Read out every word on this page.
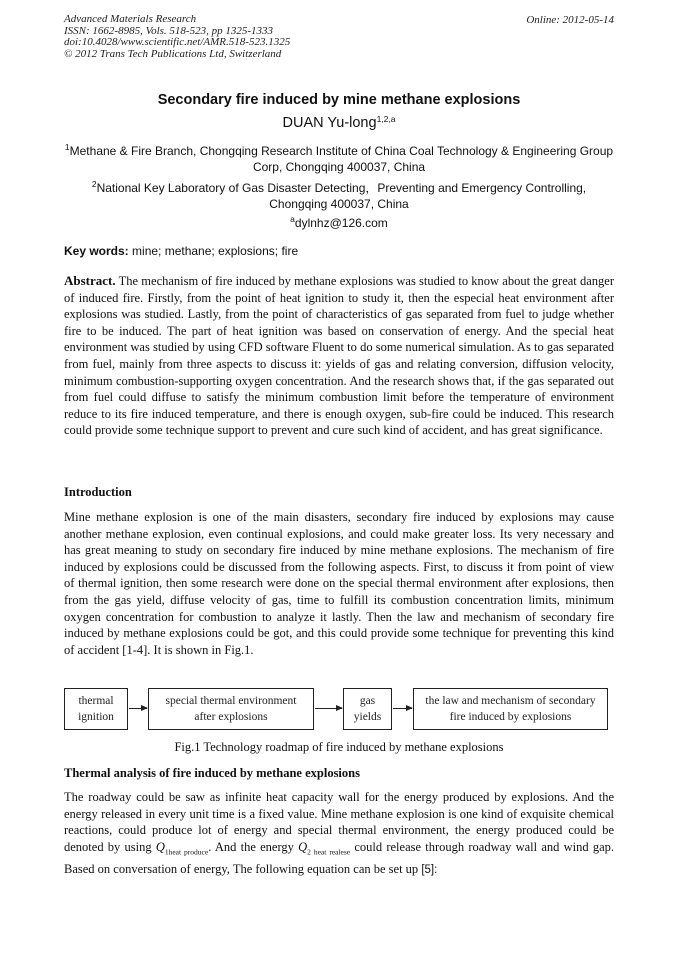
Advanced Materials Research
ISSN: 1662-8985, Vols. 518-523, pp 1325-1333
doi:10.4028/www.scientific.net/AMR.518-523.1325
© 2012 Trans Tech Publications Ltd, Switzerland
Online: 2012-05-14
Secondary fire induced by mine methane explosions
DUAN Yu-long$^{1,2,a}$
$^1$Methane & Fire Branch, Chongqing Research Institute of China Coal Technology & Engineering Group Corp, Chongqing 400037, China
$^2$National Key Laboratory of Gas Disaster Detecting，Preventing and Emergency Controlling, Chongqing 400037, China
$^a$dylnhz@126.com
Key words: mine; methane; explosions; fire
Abstract. The mechanism of fire induced by methane explosions was studied to know about the great danger of induced fire. Firstly, from the point of heat ignition to study it, then the especial heat environment after explosions was studied. Lastly, from the point of characteristics of gas separated from fuel to judge whether fire to be induced. The part of heat ignition was based on conservation of energy. And the special heat environment was studied by using CFD software Fluent to do some numerical simulation. As to gas separated from fuel, mainly from three aspects to discuss it: yields of gas and relating conversion, diffusion velocity, minimum combustion-supporting oxygen concentration. And the research shows that, if the gas separated out from fuel could diffuse to satisfy the minimum combustion limit before the temperature of environment reduce to its fire induced temperature, and there is enough oxygen, sub-fire could be induced. This research could provide some technique support to prevent and cure such kind of accident, and has great significance.
Introduction
Mine methane explosion is one of the main disasters, secondary fire induced by explosions may cause another methane explosion, even continual explosions, and could make greater loss. Its very necessary and has great meaning to study on secondary fire induced by mine methane explosions. The mechanism of fire induced by explosions could be discussed from the following aspects. First, to discuss it from point of view of thermal ignition, then some research were done on the special thermal environment after explosions, then from the gas yield, diffuse velocity of gas, time to fulfill its combustion concentration limits, minimum oxygen concentration for combustion to analyze it lastly. Then the law and mechanism of secondary fire induced by methane explosions could be got, and this could provide some technique for preventing this kind of accident [1-4]. It is shown in Fig.1.
thermal
ignition
special thermal environment
after explosions
gas
yields
the law and mechanism of secondary
fire induced by explosions
Fig.1 Technology roadmap of fire induced by methane explosions
Thermal analysis of fire induced by methane explosions
The roadway could be saw as infinite heat capacity wall for the energy produced by explosions. And the energy released in every unit time is a fixed value. Mine methane explosion is one kind of exquisite chemical reactions, could produce lot of energy and special thermal environment, the energy produced could be denoted by using $Q_{1heat produce}$. And the energy $Q_{2 heat realese}$ could release through roadway wall and wind gap. Based on conversation of energy, The following equation can be set up [5]:
